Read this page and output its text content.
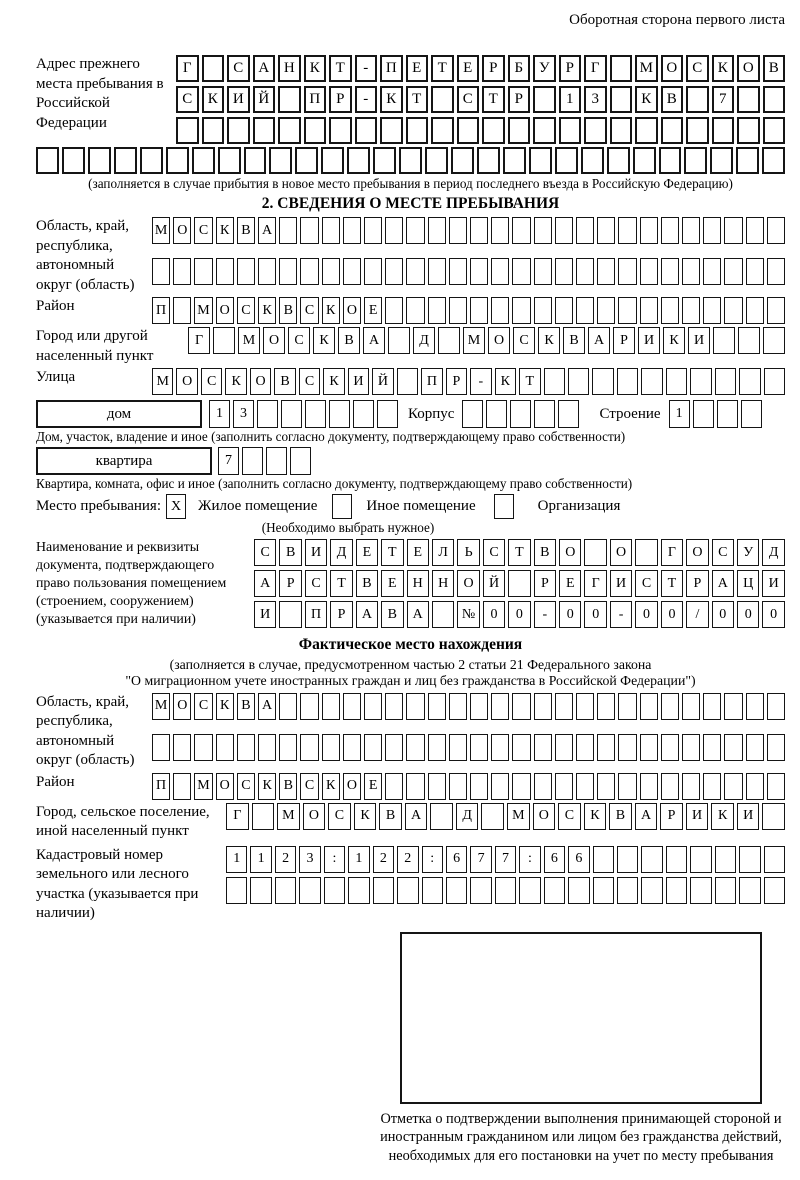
Оборотная сторона первого листа
Адрес прежнего места пребывания в Российской Федерации
Г	С	А Н	К	Т	-	П	Е	Т	Е	Р	Б	У	Р	Г	М О	С	К	О	В
С	К	И Й	П	Р	-	К	Т	С	Т	Р	1	3	К	В	7
(заполняется в случае прибытия в новое место пребывания в период последнего въезда в Российскую Федерацию)
2. СВЕДЕНИЯ О МЕСТЕ ПРЕБЫВАНИЯ
Область, край, республика, автономный округ (область)
М О С К В А
Район	П М О С К В С К О Е
Город или другой населенный пункт
Г	М О	С	К	В	А	Д	М О	С	К	В	А	Р	И	К	И
Улица	М О	С	К	О	В	С	К	И	Й	П	Р	-	К	Т
дом	1	3	Корпус	Строение	1
Дом, участок, владение и иное (заполнить согласно документу, подтверждающему право собственности)
квартира	7
Квартира, комната, офис и иное (заполнить согласно документу, подтверждающему право собственности)
Место пребывания: X	Жилое помещение	Иное помещение	Организация
(Необходимо выбрать нужное)
Наименование и реквизиты документа, подтверждающего право пользования помещением (строением, сооружением) (указывается при наличии)
С	В	И	Д	Е	Т	Е	Л	Ь	С	Т	В	О	О	Г	О	С	У	Д
А	Р	С	Т	В	Е	Н	Н	О	Й	Р	Е	Г	И	С	Т	Р	А	Ц	И
И	П	Р	А	В	А	№	0	0	-	0	0	-	0	0	/	0	0	0
Фактическое место нахождения
(заполняется в случае, предусмотренном частью 2 статьи 21 Федерального закона
"О миграционном учете иностранных граждан и лиц без гражданства в Российской Федерации")
Область, край, республика, автономный округ (область)
М О С К В А
Район	П М О С К В С К О Е
Город, сельское поселение, иной населенный пункт
Г	М	О	С	К	В	А	Д	М	О	С	К	В	А	Р	И	К	И
Кадастровый номер земельного или лесного участка (указывается при наличии)
1	1	2	3	:	1	2	2	:	6	7	7	:	6	6
Отметка о подтверждении выполнения принимающей стороной и иностранным гражданином или лицом без гражданства действий, необходимых для его постановки на учет по месту пребывания
